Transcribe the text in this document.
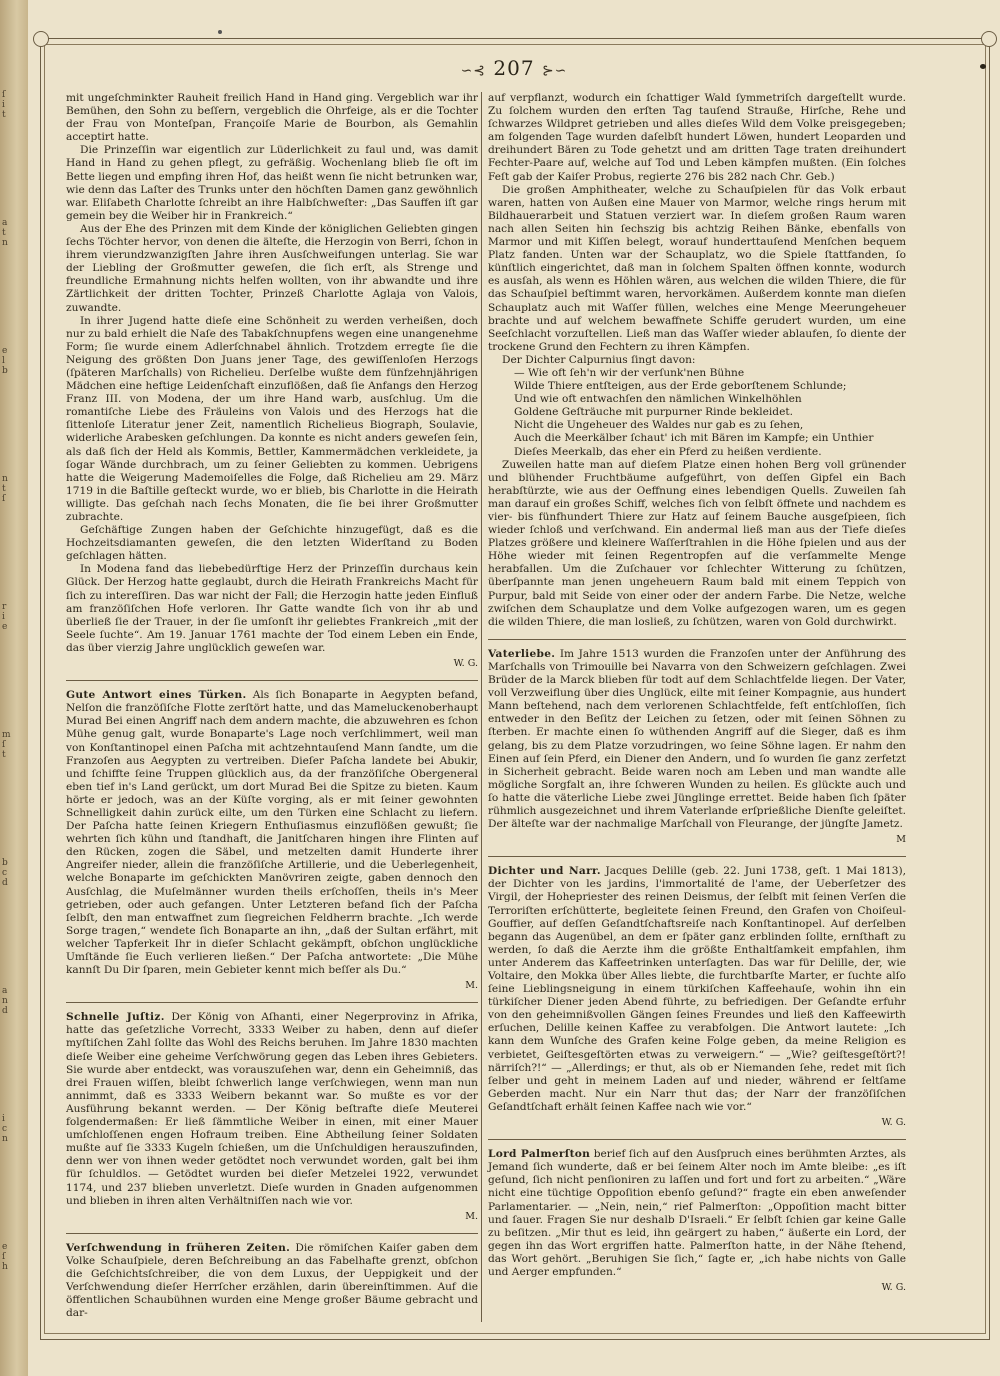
ſ
i
t
a
t
n
e
l
b
n
t
ſ
r
i
e
m
ſ
t
b
c
d
a
n
d
i
c
n
e
ſ
h
∽⊰ 207 ⊱∽

mit ungeſchminkter Rauheit freilich Hand in Hand ging. Vergeblich war ihr Bemühen, den Sohn zu beſſern, vergeblich die Ohrfeige, als er die Tochter der Frau von Monteſpan, Françoiſe Marie de Bourbon, als Gemahlin acceptirt hatte.

Die Prinzeſſin war eigentlich zur Lüderlichkeit zu faul und, was damit Hand in Hand zu gehen pflegt, zu gefräßig. Wochenlang blieb ſie oft im Bette liegen und empfing ihren Hof, das heißt wenn ſie nicht betrunken war, wie denn das Laſter des Trunks unter den höchſten Damen ganz gewöhnlich war. Eliſabeth Charlotte ſchreibt an ihre Halbſchweſter: „Das Sauffen iſt gar gemein bey die Weiber hir in Frankreich.“

Aus der Ehe des Prinzen mit dem Kinde der königlichen Geliebten gingen ſechs Töchter hervor, von denen die älteſte, die Herzogin von Berri, ſchon in ihrem vierundzwanzigſten Jahre ihren Ausſchweifungen unterlag. Sie war der Liebling der Großmutter geweſen, die ſich erſt, als Strenge und freundliche Ermahnung nichts helfen wollten, von ihr abwandte und ihre Zärtlichkeit der dritten Tochter, Prinzeß Charlotte Aglaja von Valois, zuwandte.

In ihrer Jugend hatte dieſe eine Schönheit zu werden verheißen, doch nur zu bald erhielt die Naſe des Tabakſchnupfens wegen eine unangenehme Form; ſie wurde einem Adlerſchnabel ähnlich. Trotzdem erregte ſie die Neigung des größten Don Juans jener Tage, des gewiſſenloſen Herzogs (ſpäteren Marſchalls) von Richelieu. Derſelbe wußte dem fünfzehnjährigen Mädchen eine heftige Leidenſchaft einzuflößen, daß ſie Anfangs den Herzog Franz III. von Modena, der um ihre Hand warb, ausſchlug. Um die romantiſche Liebe des Fräuleins von Valois und des Herzogs hat die ſittenloſe Literatur jener Zeit, namentlich Richelieus Biograph, Soulavie, widerliche Arabesken geſchlungen. Da konnte es nicht anders geweſen ſein, als daß ſich der Held als Kommis, Bettler, Kammermädchen verkleidete, ja ſogar Wände durchbrach, um zu ſeiner Geliebten zu kommen. Uebrigens hatte die Weigerung Mademoiſelles die Folge, daß Richelieu am 29. März 1719 in die Baſtille geſteckt wurde, wo er blieb, bis Charlotte in die Heirath willigte. Das geſchah nach ſechs Monaten, die ſie bei ihrer Großmutter zubrachte.

Geſchäftige Zungen haben der Geſchichte hinzugefügt, daß es die Hochzeitsdiamanten geweſen, die den letzten Widerſtand zu Boden geſchlagen hätten.

In Modena fand das liebebedürftige Herz der Prinzeſſin durchaus kein Glück. Der Herzog hatte geglaubt, durch die Heirath Frankreichs Macht für ſich zu intereſſiren. Das war nicht der Fall; die Herzogin hatte jeden Einfluß am franzöſiſchen Hofe verloren. Ihr Gatte wandte ſich von ihr ab und überließ ſie der Trauer, in der ſie umſonſt ihr geliebtes Frankreich „mit der Seele ſuchte“. Am 19. Januar 1761 machte der Tod einem Leben ein Ende, das über vierzig Jahre unglücklich geweſen war.

W. G.

Gute Antwort eines Türken. Als ſich Bonaparte in Aegypten befand, Nelſon die franzöſiſche Flotte zerſtört hatte, und das Mameluckenoberhaupt Murad Bei einen Angriff nach dem andern machte, die abzuwehren es ſchon Mühe genug galt, wurde Bonaparte's Lage noch verſchlimmert, weil man von Konſtantinopel einen Paſcha mit achtzehntauſend Mann ſandte, um die Franzoſen aus Aegypten zu vertreiben. Dieſer Paſcha landete bei Abukir, und ſchiffte ſeine Truppen glücklich aus, da der franzöſiſche Obergeneral eben tief in's Land gerückt, um dort Murad Bei die Spitze zu bieten. Kaum hörte er jedoch, was an der Küſte vorging, als er mit ſeiner gewohnten Schnelligkeit dahin zurück eilte, um den Türken eine Schlacht zu liefern. Der Paſcha hatte ſeinen Kriegern Enthuſiasmus einzuflößen gewußt; ſie wehrten ſich kühn und ſtandhaft, die Janitſcharen hingen ihre Flinten auf den Rücken, zogen die Säbel, und metzelten damit Hunderte ihrer Angreifer nieder, allein die franzöſiſche Artillerie, und die Ueberlegenheit, welche Bonaparte im geſchickten Manövriren zeigte, gaben dennoch den Ausſchlag, die Muſelmänner wurden theils erſchoſſen, theils in's Meer getrieben, oder auch gefangen. Unter Letzteren befand ſich der Paſcha ſelbſt, den man entwaffnet zum ſiegreichen Feldherrn brachte. „Ich werde Sorge tragen,“ wendete ſich Bonaparte an ihn, „daß der Sultan erfährt, mit welcher Tapferkeit Ihr in dieſer Schlacht gekämpft, obſchon unglückliche Umſtände ſie Euch verlieren ließen.“ Der Paſcha antwortete: „Die Mühe kannſt Du Dir ſparen, mein Gebieter kennt mich beſſer als Du.“

M.

Schnelle Juſtiz. Der König von Aſhanti, einer Negerprovinz in Afrika, hatte das geſetzliche Vorrecht, 3333 Weiber zu haben, denn auf dieſer myſtiſchen Zahl ſollte das Wohl des Reichs beruhen. Im Jahre 1830 machten dieſe Weiber eine geheime Verſchwörung gegen das Leben ihres Gebieters. Sie wurde aber entdeckt, was vorauszuſehen war, denn ein Geheimniß, das drei Frauen wiſſen, bleibt ſchwerlich lange verſchwiegen, wenn man nun annimmt, daß es 3333 Weibern bekannt war. So mußte es vor der Ausführung bekannt werden. — Der König beſtrafte dieſe Meuterei folgendermaßen: Er ließ ſämmtliche Weiber in einen, mit einer Mauer umſchloſſenen engen Hofraum treiben. Eine Abtheilung ſeiner Soldaten mußte auf ſie 3333 Kugeln ſchießen, um die Unſchuldigen herauszufinden, denn wer von ihnen weder getödtet noch verwundet worden, galt bei ihm für ſchuldlos. — Getödtet wurden bei dieſer Metzelei 1922, verwundet 1174, und 237 blieben unverletzt. Dieſe wurden in Gnaden aufgenommen und blieben in ihren alten Verhältniſſen nach wie vor.

M.

Verſchwendung in früheren Zeiten. Die römiſchen Kaiſer gaben dem Volke Schauſpiele, deren Beſchreibung an das Fabelhafte grenzt, obſchon die Geſchichtsſchreiber, die von dem Luxus, der Ueppigkeit und der Verſchwendung dieſer Herrſcher erzählen, darin übereinſtimmen. Auf die öffentlichen Schaubühnen wurden eine Menge großer Bäume gebracht und dar-

auf verpflanzt, wodurch ein ſchattiger Wald ſymmetriſch dargeſtellt wurde. Zu ſolchem wurden den erſten Tag tauſend Strauße, Hirſche, Rehe und ſchwarzes Wildpret getrieben und alles dieſes Wild dem Volke preisgegeben; am folgenden Tage wurden daſelbſt hundert Löwen, hundert Leoparden und dreihundert Bären zu Tode gehetzt und am dritten Tage traten dreihundert Fechter-Paare auf, welche auf Tod und Leben kämpfen mußten. (Ein ſolches Feſt gab der Kaiſer Probus, regierte 276 bis 282 nach Chr. Geb.)

Die großen Amphitheater, welche zu Schauſpielen für das Volk erbaut waren, hatten von Außen eine Mauer von Marmor, welche rings herum mit Bildhauerarbeit und Statuen verziert war. In dieſem großen Raum waren nach allen Seiten hin ſechszig bis achtzig Reihen Bänke, ebenfalls von Marmor und mit Kiſſen belegt, worauf hunderttauſend Menſchen bequem Platz fanden. Unten war der Schauplatz, wo die Spiele ſtattfanden, ſo künſtlich eingerichtet, daß man in ſolchem Spalten öffnen konnte, wodurch es ausſah, als wenn es Höhlen wären, aus welchen die wilden Thiere, die für das Schauſpiel beſtimmt waren, hervorkämen. Außerdem konnte man dieſen Schauplatz auch mit Waſſer füllen, welches eine Menge Meerungeheuer brachte und auf welchem bewaffnete Schiffe gerudert wurden, um eine Seeſchlacht vorzuſtellen. Ließ man das Waſſer wieder ablaufen, ſo diente der trockene Grund den Fechtern zu ihren Kämpfen.

Der Dichter Calpurnius ſingt davon:

— Wie oft ſeh'n wir der verſunk'nen Bühne
Wilde Thiere entſteigen, aus der Erde geborſtenem Schlunde;
Und wie oft entwachſen den nämlichen Winkelhöhlen
Goldene Geſträuche mit purpurner Rinde bekleidet.
Nicht die Ungeheuer des Waldes nur gab es zu ſehen,
Auch die Meerkälber ſchaut' ich mit Bären im Kampfe; ein Unthier
Dieſes Meerkalb, das eher ein Pferd zu heißen verdiente.

Zuweilen hatte man auf dieſem Platze einen hohen Berg voll grünender und blühender Fruchtbäume aufgeführt, von deſſen Gipfel ein Bach herabſtürzte, wie aus der Oeffnung eines lebendigen Quells. Zuweilen ſah man darauf ein großes Schiff, welches ſich von ſelbſt öffnete und nachdem es vier- bis fünfhundert Thiere zur Hatz auf ſeinem Bauche ausgeſpieen, ſich wieder ſchloß und verſchwand. Ein andermal ließ man aus der Tiefe dieſes Platzes größere und kleinere Waſſerſtrahlen in die Höhe ſpielen und aus der Höhe wieder mit ſeinen Regentropfen auf die verſammelte Menge herabfallen. Um die Zuſchauer vor ſchlechter Witterung zu ſchützen, überſpannte man jenen ungeheuern Raum bald mit einem Teppich von Purpur, bald mit Seide von einer oder der andern Farbe. Die Netze, welche zwiſchen dem Schauplatze und dem Volke aufgezogen waren, um es gegen die wilden Thiere, die man losließ, zu ſchützen, waren von Gold durchwirkt.

Vaterliebe. Im Jahre 1513 wurden die Franzoſen unter der Anführung des Marſchalls von Trimouille bei Navarra von den Schweizern geſchlagen. Zwei Brüder de la Marck blieben für todt auf dem Schlachtfelde liegen. Der Vater, voll Verzweiflung über dies Unglück, eilte mit ſeiner Kompagnie, aus hundert Mann beſtehend, nach dem verlorenen Schlachtfelde, feſt entſchloſſen, ſich entweder in den Beſitz der Leichen zu ſetzen, oder mit ſeinen Söhnen zu ſterben. Er machte einen ſo wüthenden Angriff auf die Sieger, daß es ihm gelang, bis zu dem Platze vorzudringen, wo ſeine Söhne lagen. Er nahm den Einen auf ſein Pferd, ein Diener den Andern, und ſo wurden ſie ganz zerfetzt in Sicherheit gebracht. Beide waren noch am Leben und man wandte alle mögliche Sorgfalt an, ihre ſchweren Wunden zu heilen. Es glückte auch und ſo hatte die väterliche Liebe zwei Jünglinge errettet. Beide haben ſich ſpäter rühmlich ausgezeichnet und ihrem Vaterlande erſprießliche Dienſte geleiſtet. Der älteſte war der nachmalige Marſchall von Fleurange, der jüngſte Jametz.

M

Dichter und Narr. Jacques Delille (geb. 22. Juni 1738, geſt. 1 Mai 1813), der Dichter von les jardins, l'immortalité de l'ame, der Ueberſetzer des Virgil, der Hohepriester des reinen Deismus, der ſelbſt mit ſeinen Verſen die Terroriſten erſchütterte, begleitete ſeinen Freund, den Grafen von Choiſeul-Gouffier, auf deſſen Geſandtſchaftsreiſe nach Konſtantinopel. Auf derſelben begann das Augenübel, an dem er ſpäter ganz erblinden ſollte, ernſthaft zu werden, ſo daß die Aerzte ihm die größte Enthaltſamkeit empfahlen, ihm unter Anderem das Kaffeetrinken unterſagten. Das war für Delille, der, wie Voltaire, den Mokka über Alles liebte, die furchtbarſte Marter, er ſuchte alſo ſeine Lieblingsneigung in einem türkiſchen Kaffeehauſe, wohin ihn ein türkiſcher Diener jeden Abend führte, zu befriedigen. Der Geſandte erfuhr von den geheimnißvollen Gängen ſeines Freundes und ließ den Kaffeewirth erſuchen, Delille keinen Kaffee zu verabfolgen. Die Antwort lautete: „Ich kann dem Wunſche des Grafen keine Folge geben, da meine Religion es verbietet, Geiſtesgeſtörten etwas zu verweigern.“ — „Wie? geiſtesgeſtört?! närriſch?!“ — „Allerdings; er thut, als ob er Niemanden ſehe, redet mit ſich ſelber und geht in meinem Laden auf und nieder, während er ſeltſame Geberden macht. Nur ein Narr thut das; der Narr der franzöſiſchen Geſandtſchaft erhält ſeinen Kaffee nach wie vor.“

W. G.

Lord Palmerſton berief ſich auf den Ausſpruch eines berühmten Arztes, als Jemand ſich wunderte, daß er bei ſeinem Alter noch im Amte bleibe: „es iſt geſund, ſich nicht penſioniren zu laſſen und fort und fort zu arbeiten.“ „Wäre nicht eine tüchtige Oppoſition ebenſo geſund?“ fragte ein eben anweſender Parlamentarier. — „Nein, nein,“ rief Palmerſton: „Oppoſition macht bitter und ſauer. Fragen Sie nur deshalb D'Israeli.“ Er ſelbſt ſchien gar keine Galle zu beſitzen. „Mir thut es leid, ihn geärgert zu haben,“ äußerte ein Lord, der gegen ihn das Wort ergriffen hatte. Palmerſton hatte, in der Nähe ſtehend, das Wort gehört. „Beruhigen Sie ſich,“ ſagte er, „ich habe nichts von Galle und Aerger empfunden.“

W. G.
